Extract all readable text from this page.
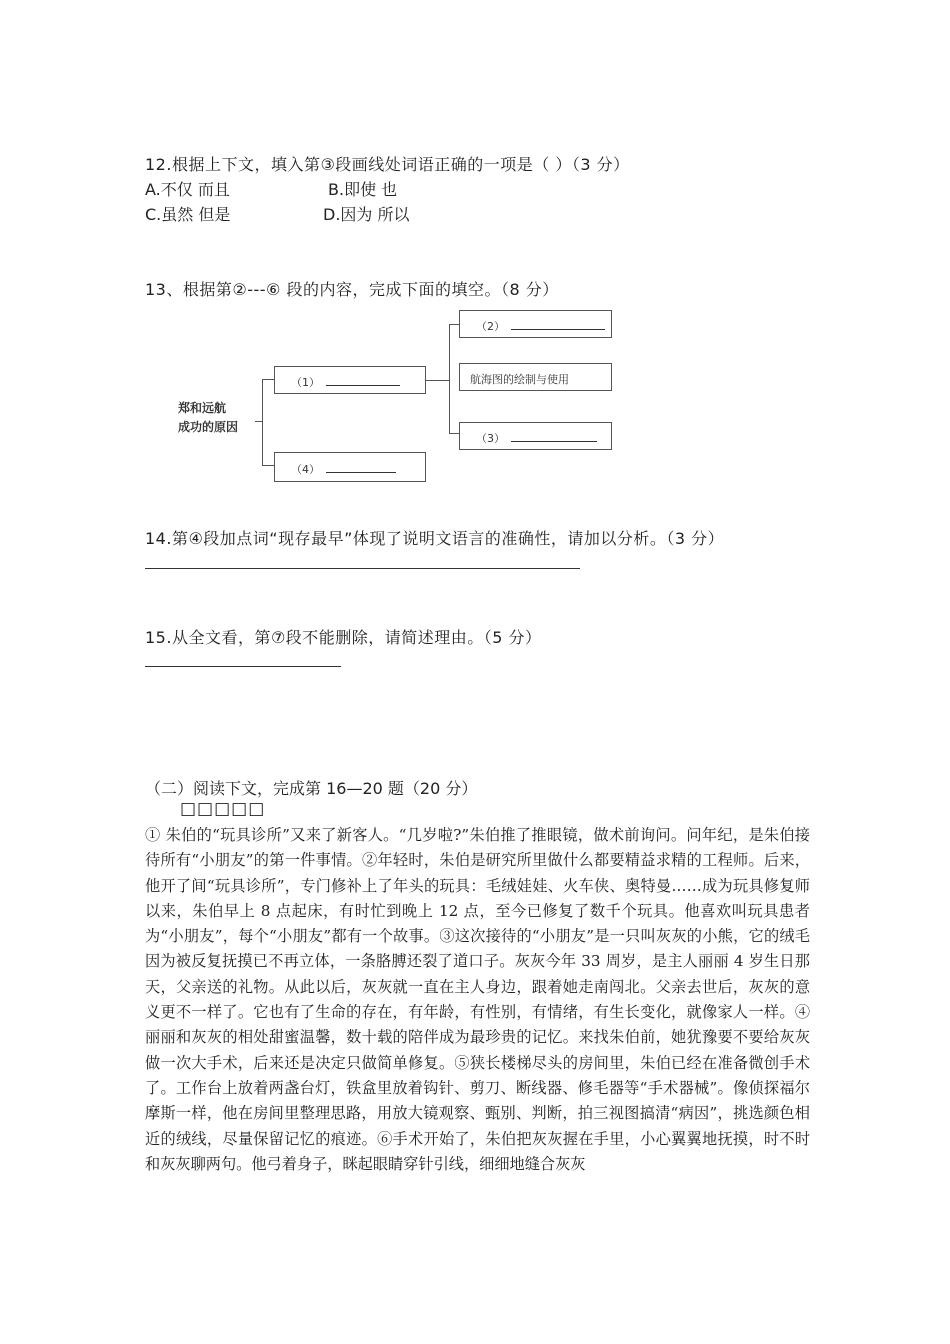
12.根据上下文，填入第③段画线处词语正确的一项是（ ）（3 分）
A.不仅 而且	B.即使 也
C.虽然 但是	D.因为 所以
13、根据第②---⑥ 段的内容，完成下面的填空。（8 分）
郑和远航
成功的原因
（1）
（4）
（2）
航海图的绘制与使用
（3）
14.第④段加点词“现存最早”体现了说明文语言的准确性，请加以分析。（3 分）
15.从全文看，第⑦段不能删除，请简述理由。（5 分）
（二）阅读下文，完成第 16—20 题（20 分）
□□□□□

① 朱伯的“玩具诊所”又来了新客人。“几岁啦?”朱伯推了推眼镜，做术前询问。问年纪，是朱伯接待所有“小朋友”的第一件事情。②年轻时，朱伯是研究所里做什么都要精益求精的工程师。后来，他开了间“玩具诊所”，专门修补上了年头的玩具：毛绒娃娃、火车侠、奥特曼……成为玩具修复师以来，朱伯早上 8 点起床，有时忙到晚上 12 点，至今已修复了数千个玩具。他喜欢叫玩具患者为“小朋友”，每个“小朋友”都有一个故事。③这次接待的“小朋友”是一只叫灰灰的小熊，它的绒毛因为被反复抚摸已不再立体，一条胳膊还裂了道口子。灰灰今年 33 周岁，是主人丽丽 4 岁生日那天，父亲送的礼物。从此以后，灰灰就一直在主人身边，跟着她走南闯北。父亲去世后，灰灰的意义更不一样了。它也有了生命的存在，有年龄，有性别，有情绪，有生长变化，就像家人一样。④丽丽和灰灰的相处甜蜜温馨，数十载的陪伴成为最珍贵的记忆。来找朱伯前，她犹豫要不要给灰灰做一次大手术，后来还是决定只做简单修复。⑤狭长楼梯尽头的房间里，朱伯已经在准备微创手术了。工作台上放着两盏台灯，铁盒里放着钩针、剪刀、断线器、修毛器等“手术器械”。像侦探福尔摩斯一样，他在房间里整理思路，用放大镜观察、甄别、判断，拍三视图搞清“病因”，挑选颜色相近的绒线，尽量保留记忆的痕迹。⑥手术开始了，朱伯把灰灰握在手里，小心翼翼地抚摸，时不时和灰灰聊两句。他弓着身子，眯起眼睛穿针引线，细细地缝合灰灰
